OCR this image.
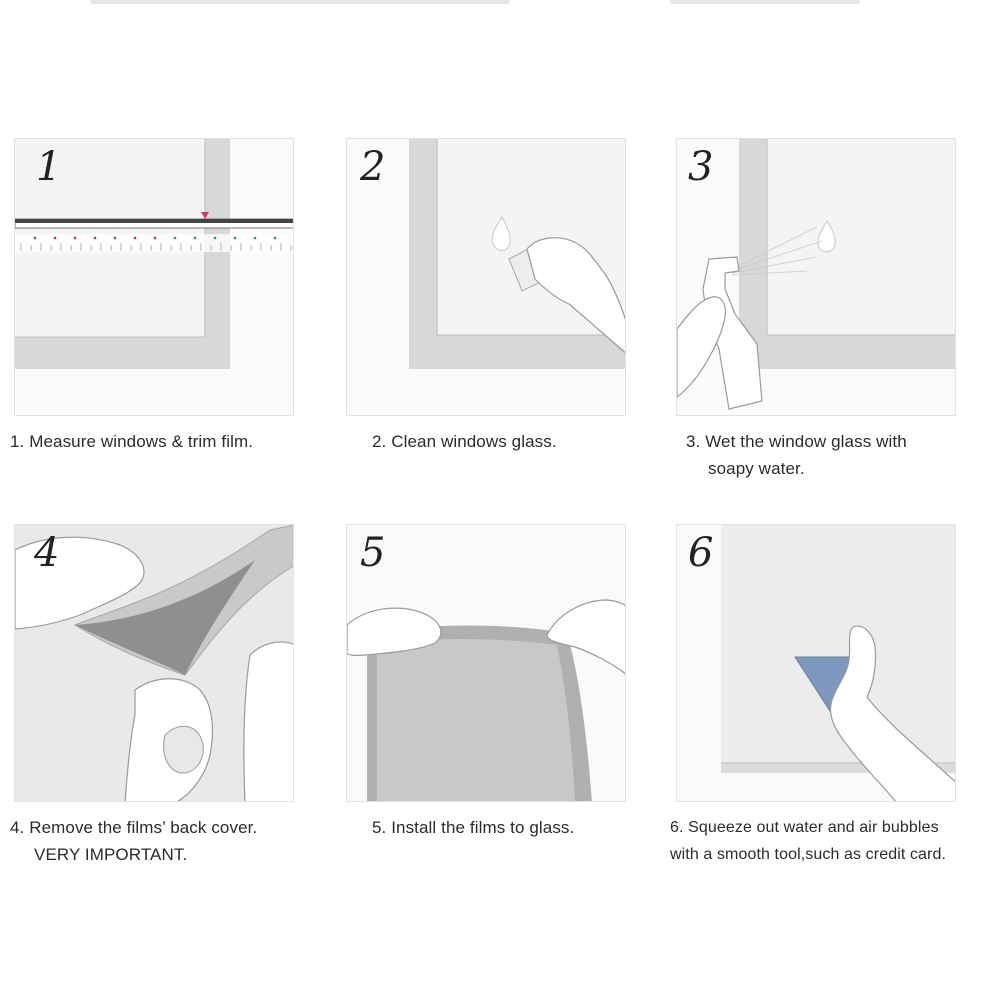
1. Measure windows & trim film.	2. Clean windows glass.	3. Wet the window glass with
soapy water.
4. Remove the films’ back cover.
VERY IMPORTANT.
5. Install the films to glass.	6. Squeeze out water and air bubbles
with a smooth tool,such as credit card.
1	2	3
4	5	6
